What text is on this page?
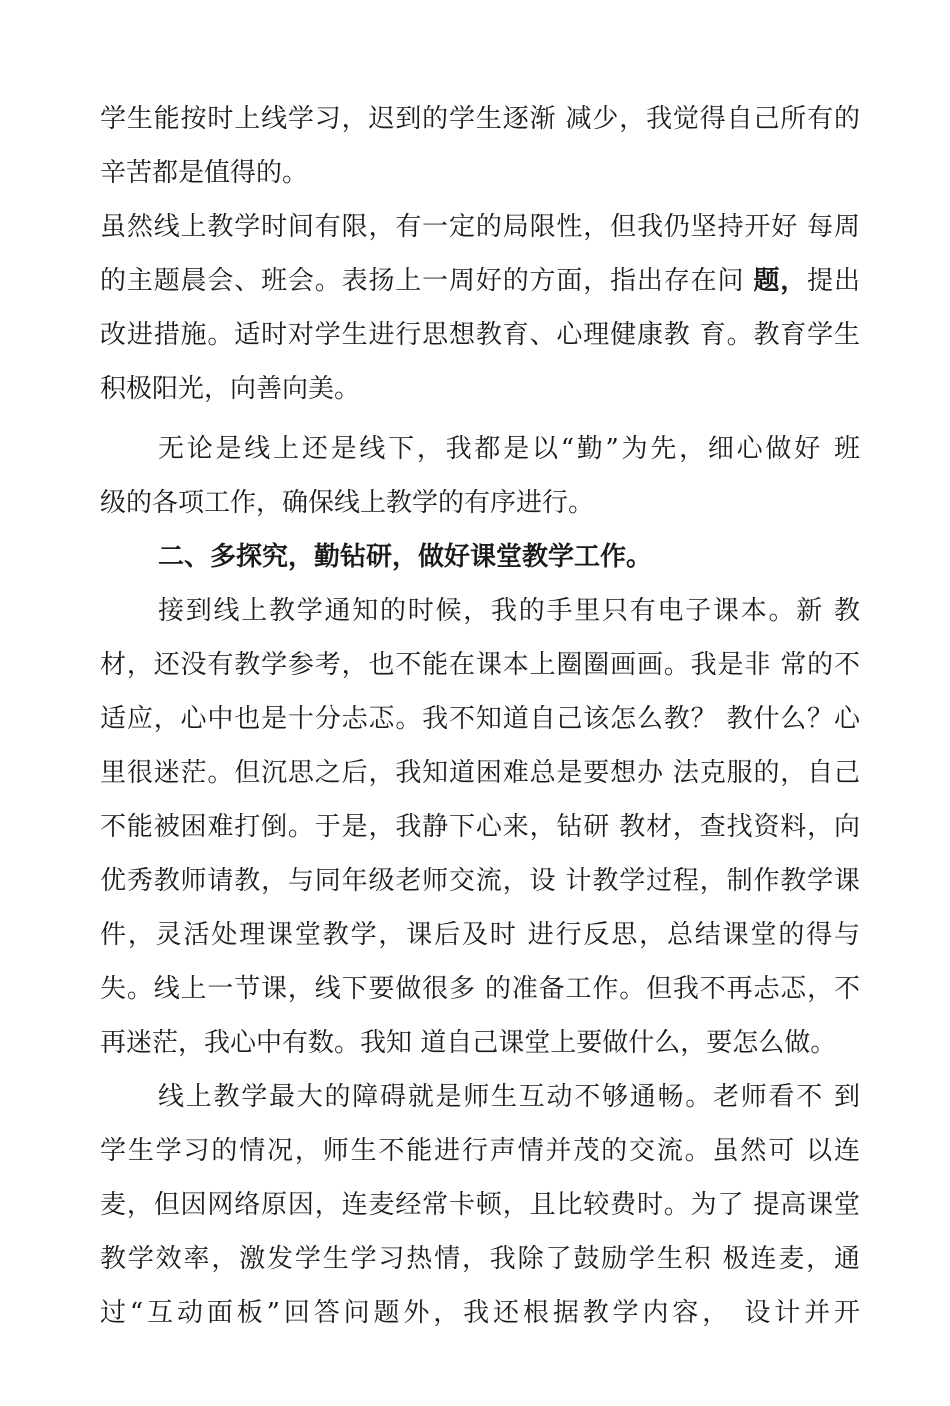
学生能按时上线学习，迟到的学生逐渐 减少，我觉得自己所有的
辛苦都是值得的。
虽然线上教学时间有限，有一定的局限性，但我仍坚持开好 每周
的主题晨会、班会。表扬上一周好的方面，指出存在问 题，提出
改进措施。适时对学生进行思想教育、心理健康教 育。教育学生
积极阳光，向善向美。
无论是线上还是线下，我都是以“勤”为先，细心做好 班
级的各项工作，确保线上教学的有序进行。
二、多探究，勤钻研，做好课堂教学工作。
接到线上教学通知的时候，我的手里只有电子课本。新 教
材，还没有教学参考，也不能在课本上圈圈画画。我是非 常的不
适应，心中也是十分忐忑。我不知道自己该怎么教？ 教什么？心
里很迷茫。但沉思之后，我知道困难总是要想办 法克服的，自己
不能被困难打倒。于是，我静下心来，钻研 教材，查找资料，向
优秀教师请教，与同年级老师交流，设 计教学过程，制作教学课
件，灵活处理课堂教学，课后及时 进行反思，总结课堂的得与
失。线上一节课，线下要做很多 的准备工作。但我不再忐忑，不
再迷茫，我心中有数。我知 道自己课堂上要做什么，要怎么做。
线上教学最大的障碍就是师生互动不够通畅。老师看不 到
学生学习的情况，师生不能进行声情并茂的交流。虽然可 以连
麦，但因网络原因，连麦经常卡顿，且比较费时。为了 提高课堂
教学效率，激发学生学习热情，我除了鼓励学生积 极连麦，通
过“互动面板”回答问题外，我还根据教学内容， 设计并开
